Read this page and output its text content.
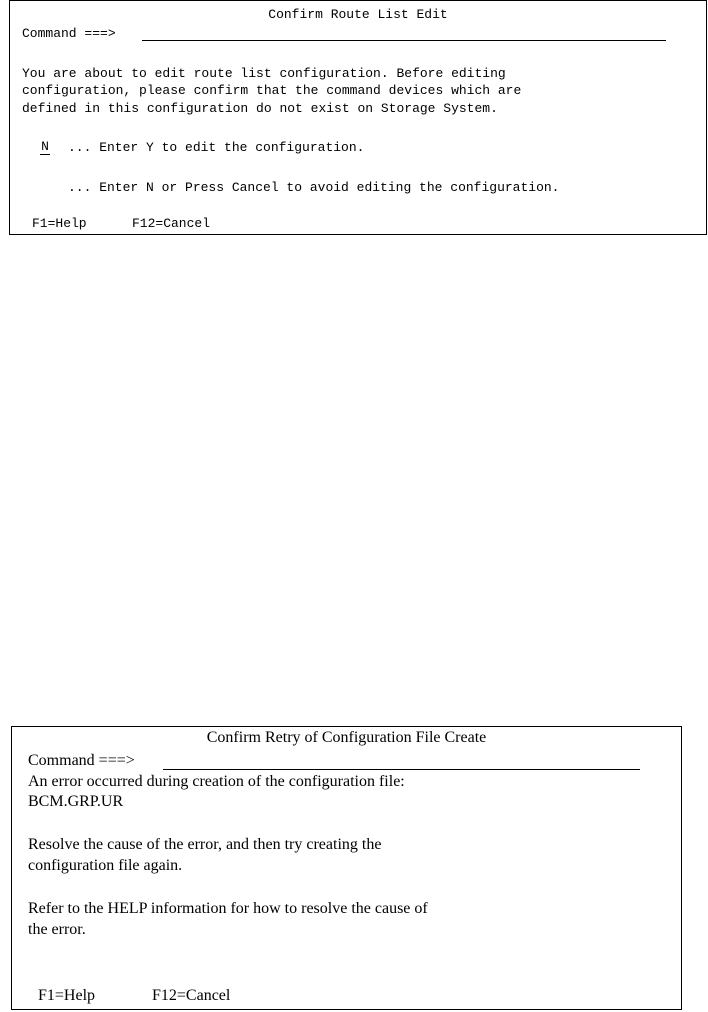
Confirm Route List Edit
Command ===>
You are about to edit route list configuration. Before editing
configuration, please confirm that the command devices which are
defined in this configuration do not exist on Storage System.
N
... Enter Y to edit the configuration.
... Enter N or Press Cancel to avoid editing the configuration.
F1=Help	F12=Cancel
Confirm Retry of Configuration File Create
Command ===>
An error occurred during creation of the configuration file:
BCM.GRP.UR
Resolve the cause of the error, and then try creating the
configuration file again.
Refer to the HELP information for how to resolve the cause of
the error.
F1=Help	F12=Cancel
